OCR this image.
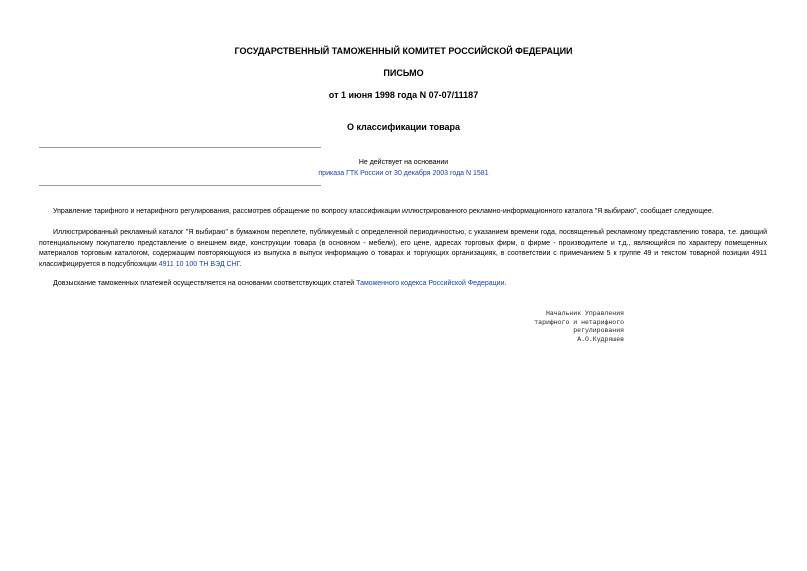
ГОСУДАРСТВЕННЫЙ ТАМОЖЕННЫЙ КОМИТЕТ РОССИЙСКОЙ ФЕДЕРАЦИИ
ПИСЬМО
от 1 июня 1998 года N 07-07/11187
О классификации товара
Не действует на основании
приказа ГТК России от 30 декабря 2003 года N 1581

Управление тарифного и нетарифного регулирования, рассмотрев обращение по вопросу классификации иллюстрированного рекламно-информационного каталога "Я выбираю", сообщает следующее.

Иллюстрированный рекламный каталог "Я выбираю" в бумажном переплете, публикуемый с определенной периодичностью, с указанием времени года, посвященный рекламному представлению товара, т.е. дающий потенциальному покупателю представление о внешнем виде, конструкции товара (в основном - мебели), его цене, адресах торговых фирм, о фирме - производителе и т.д., являющийся по характеру помещенных материалов торговым каталогом, содержащим повторяющуюся из выпуска в выпуск информацию о товарах и торгующих организациях, в соответствии с примечанием 5 к группе 49 и текстом товарной позиции 4911 классифицируется в подсубпозиции 4911 10 100 ТН ВЭД СНГ.

Довзыскание таможенных платежей осуществляется на основании соответствующих статей Таможенного кодекса Российской Федерации.

Начальник Управления
тарифного и нетарифного
регулирования
А.О.Кудряшев
